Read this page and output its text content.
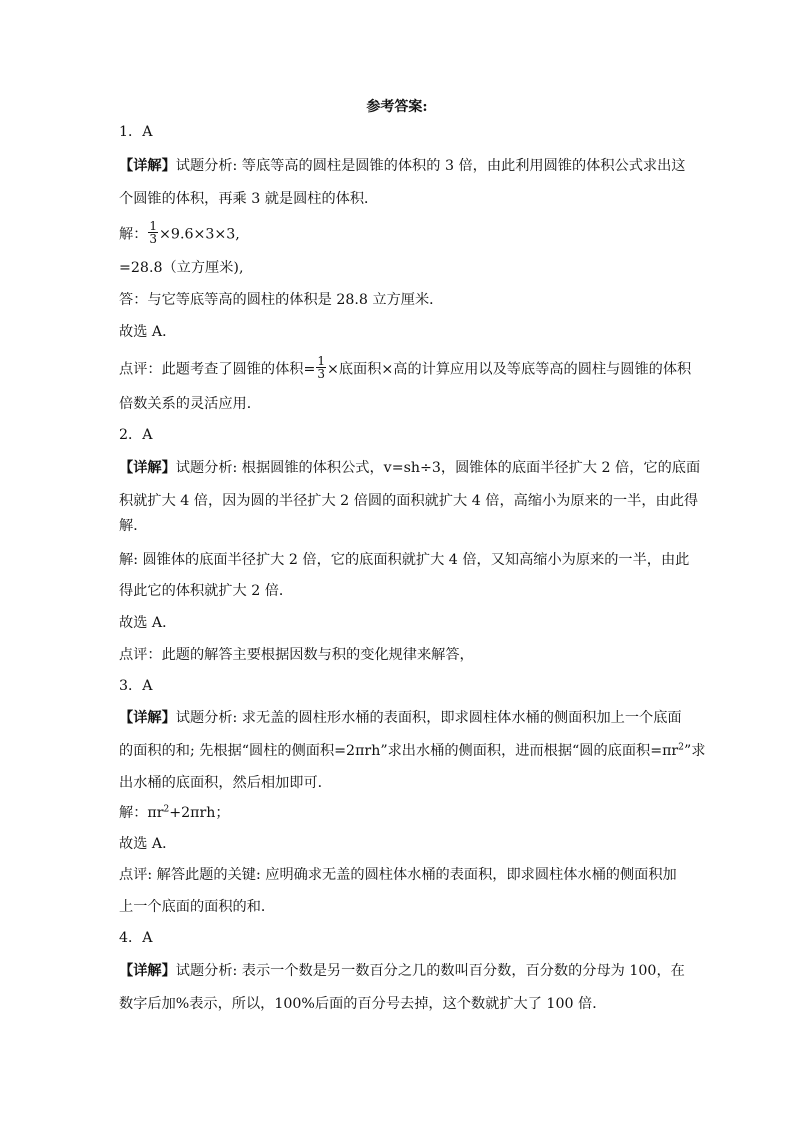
参考答案:
1．A
【详解】试题分析: 等底等高的圆柱是圆锥的体积的 3 倍，由此利用圆锥的体积公式求出这
个圆锥的体积，再乘 3 就是圆柱的体积．
解： $\frac{1}{3} \times 9.6\times 3\times 3$,
=28.8（立方厘米),
答：与它等底等高的圆柱的体积是 28.8 立方厘米．
故选 A．
点评：此题考查了圆锥的体积= $\frac{1}{3}$ ×底面积×高的计算应用以及等底等高的圆柱与圆锥的体积
倍数关系的灵活应用．
2．A
【详解】试题分析: 根据圆锥的体积公式，v=sh÷3，圆锥体的底面半径扩大 2 倍，它的底面
积就扩大 4 倍，因为圆的半径扩大 2 倍圆的面积就扩大 4 倍，高缩小为原来的一半，由此得
解．
解: 圆锥体的底面半径扩大 2 倍，它的底面积就扩大 4 倍，又知高缩小为原来的一半，由此
得此它的体积就扩大 2 倍．
故选 A．
点评：此题的解答主要根据因数与积的变化规律来解答，
3．A
【详解】试题分析: 求无盖的圆柱形水桶的表面积，即求圆柱体水桶的侧面积加上一个底面
的面积的和; 先根据“圆柱的侧面积=2πrh”求出水桶的侧面积，进而根据“圆的底面积$=\pi r^2$”求
出水桶的底面积，然后相加即可．
解：$\pi r^2+2\pi rh$；
故选 A．
点评: 解答此题的关键: 应明确求无盖的圆柱体水桶的表面积，即求圆柱体水桶的侧面积加
上一个底面的面积的和．
4．A
【详解】试题分析: 表示一个数是另一数百分之几的数叫百分数，百分数的分母为 100，在
数字后加%表示，所以，100%后面的百分号去掉，这个数就扩大了 100 倍．
